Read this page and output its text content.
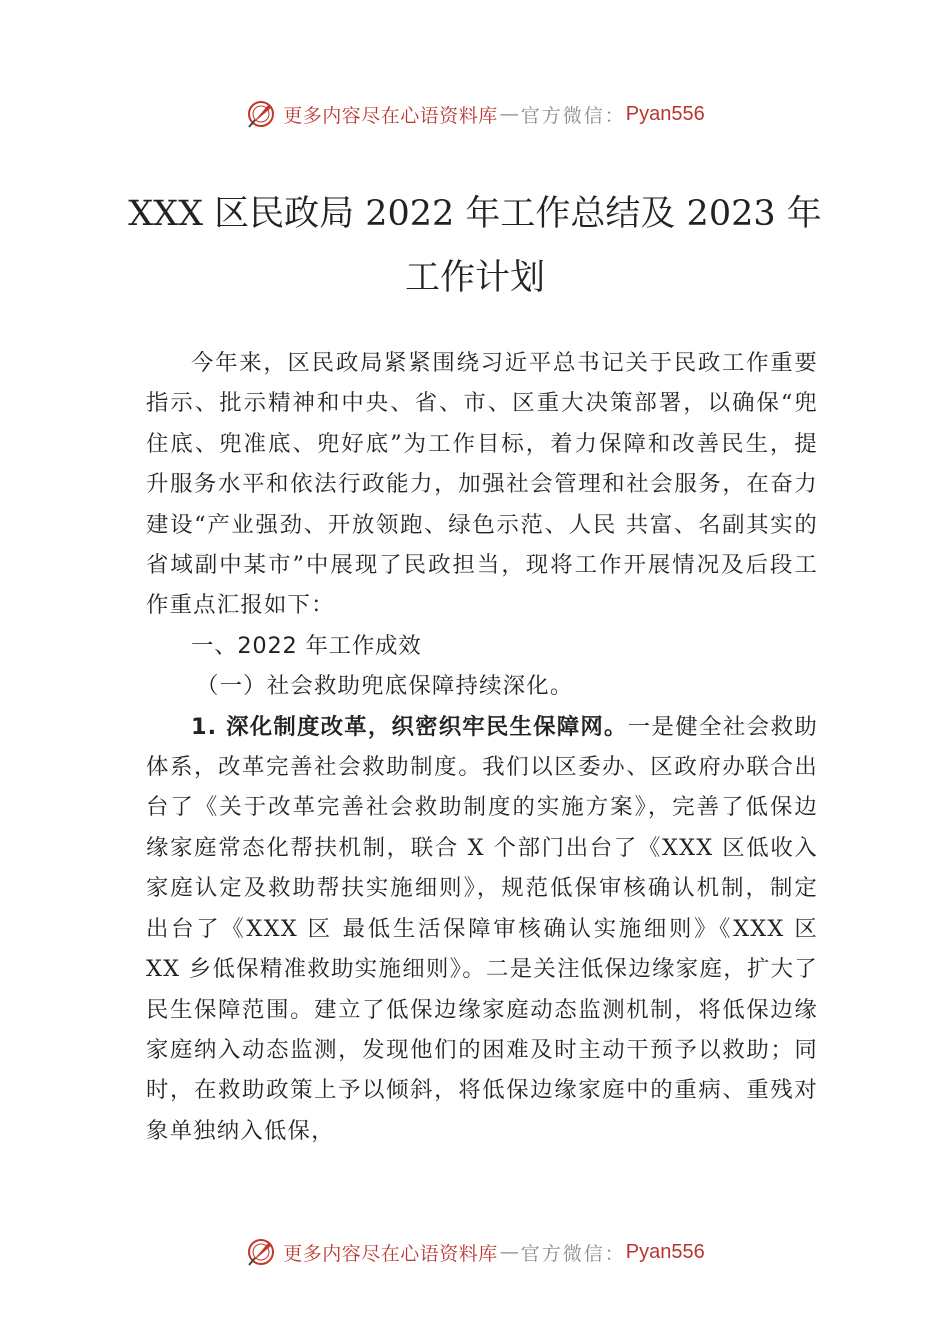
更多内容尽在心语资料库 — 官方微信： Pyan556
XXX 区民政局 2022 年工作总结及 2023 年
工作计划

今年来，区民政局紧紧围绕习近平总书记关于民政工作重要指示、批示精神和中央、省、市、区重大决策部署，以确保“兜住底、兜准底、兜好底”为工作目标，着力保障和改善民生，提升服务水平和依法行政能力，加强社会管理和社会服务，在奋力建设“产业强劲、开放领跑、绿色示范、人民 共富、名副其实的省域副中某市”中展现了民政担当，现将工作开展情况及后段工作重点汇报如下：

一、2022 年工作成效

（一）社会救助兜底保障持续深化。

1. 深化制度改革，织密织牢民生保障网。一是健全社会救助体系，改革完善社会救助制度。我们以区委办、区政府办联合出台了《关于改革完善社会救助制度的实施方案》，完善了低保边缘家庭常态化帮扶机制，联合 X 个部门出台了《XXX 区低收入家庭认定及救助帮扶实施细则》，规范低保审核确认机制，制定出台了《XXX 区 最低生活保障审核确认实施细则》《XXX 区 XX 乡低保精准救助实施细则》。二是关注低保边缘家庭，扩大了民生保障范围。建立了低保边缘家庭动态监测机制，将低保边缘家庭纳入动态监测，发现他们的困难及时主动干预予以救助；同时，在救助政策上予以倾斜，将低保边缘家庭中的重病、重残对象单独纳入低保，

更多内容尽在心语资料库 — 官方微信： Pyan556
